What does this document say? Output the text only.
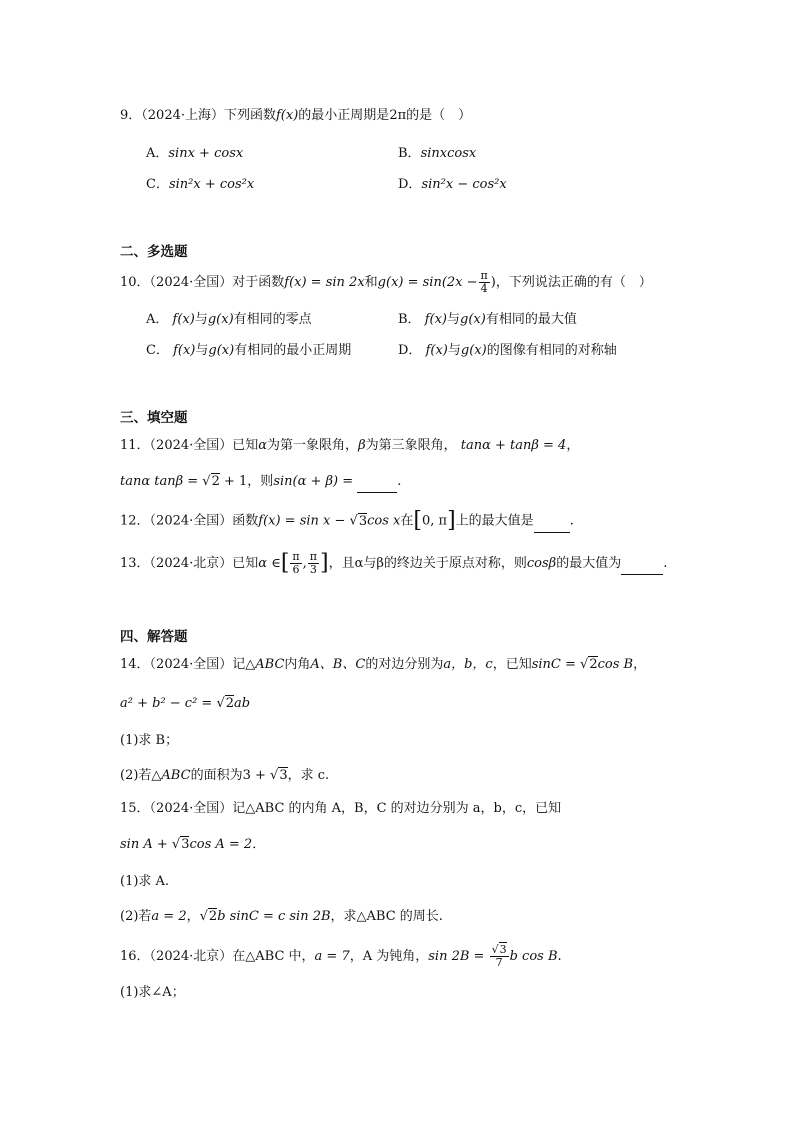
9．（2024·上海）下列函数f(x)的最小正周期是2π的是（　）
A．sinx + cosx	B．sinxcosx
C．sin²x + cos²x	D．sin²x − cos²x
二、多选题
10．（2024·全国）对于函数f(x) = sin 2x和$g(x) = \sin(2x - \frac{\pi}{4}$ )，下列说法正确的有（　）
A． f(x)与g(x)有相同的零点	B． f(x)与g(x)有相同的最大值
C． f(x)与g(x)有相同的最小正周期	D． f(x)与g(x)的图像有相同的对称轴
三、填空题
11．（2024·全国）已知α为第一象限角，β为第三象限角， tanα + tanβ = 4，
tanα tanβ = √2 + 1，则sin(α + β) =	.
12．（2024·全国）函数f(x) = sin x − √3cos x在[0, π]上的最大值是	.
13．（2024·北京）已知α ∈[ $\frac{\pi}{6}$ , $\frac{\pi}{3}$ ]，且α与β的终边关于原点对称，则cosβ的最大值为	.
四、解答题
14．（2024·全国）记△ABC内角A、B、C的对边分别为a，b，c，已知sinC = √2cos B，
a² + b² − c² = √2ab
(1)求 B；
(2)若△ABC的面积为3 + √3，求 c.
15．（2024·全国）记△ABC 的内角 A，B，C 的对边分别为 a，b，c，已知
sin A + √3cos A = 2．
(1)求 A.
(2)若a = 2，√2b sinC = c sin 2B，求△ABC 的周长.
16．（2024·北京）在△ABC 中，a = 7，A 为钝角，$\sin 2B = \frac{√3}{7}$ b cos B.
(1)求∠A；
